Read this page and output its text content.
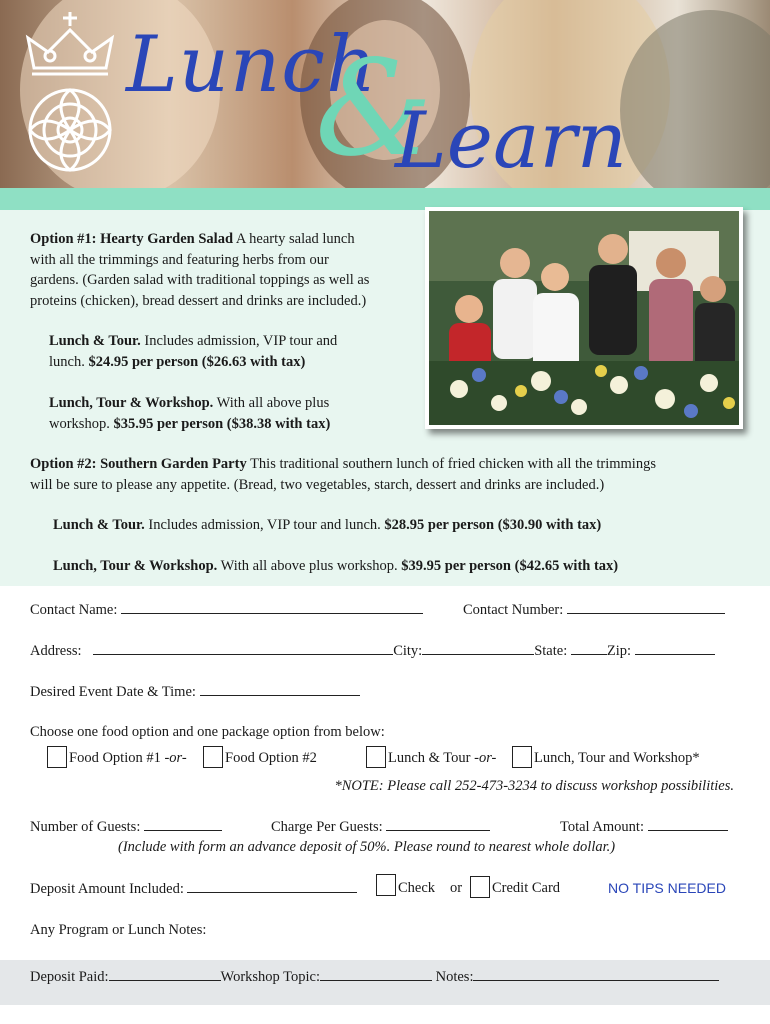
Lunch
&
Learn
Option #1: Hearty Garden Salad A hearty salad lunch
with all the trimmings and featuring herbs from our
gardens. (Garden salad with traditional toppings as well as
proteins (chicken), bread dessert and drinks are included.)
Lunch & Tour. Includes admission, VIP tour and
lunch. $24.95 per person ($26.63 with tax)
Lunch, Tour & Workshop. With all above plus
workshop. $35.95 per person ($38.38 with tax)
Option #2: Southern Garden Party This traditional southern lunch of fried chicken with all the trimmings
will be sure to please any appetite. (Bread, two vegetables, starch, dessert and drinks are included.)
Lunch & Tour. Includes admission, VIP tour and lunch. $28.95 per person ($30.90 with tax)
Lunch, Tour & Workshop. With all above plus workshop. $39.95 per person ($42.65 with tax)
Contact Name:	Contact Number:
Address:	City:	State:	Zip:
Desired Event Date & Time:
Choose one food option and one package option from below:
Food Option #1 -or-	Food Option #2	Lunch & Tour -or-	Lunch, Tour and Workshop*
*NOTE: Please call 252-473-3234 to discuss workshop possibilities.
Number of Guests:	Charge Per Guests:	Total Amount:
(Include with form an advance deposit of 50%. Please round to nearest whole dollar.)
Deposit Amount Included:	Check or Credit Card	NO TIPS NEEDED
Any Program or Lunch Notes:
Deposit Paid:	Workshop Topic:	Notes:
